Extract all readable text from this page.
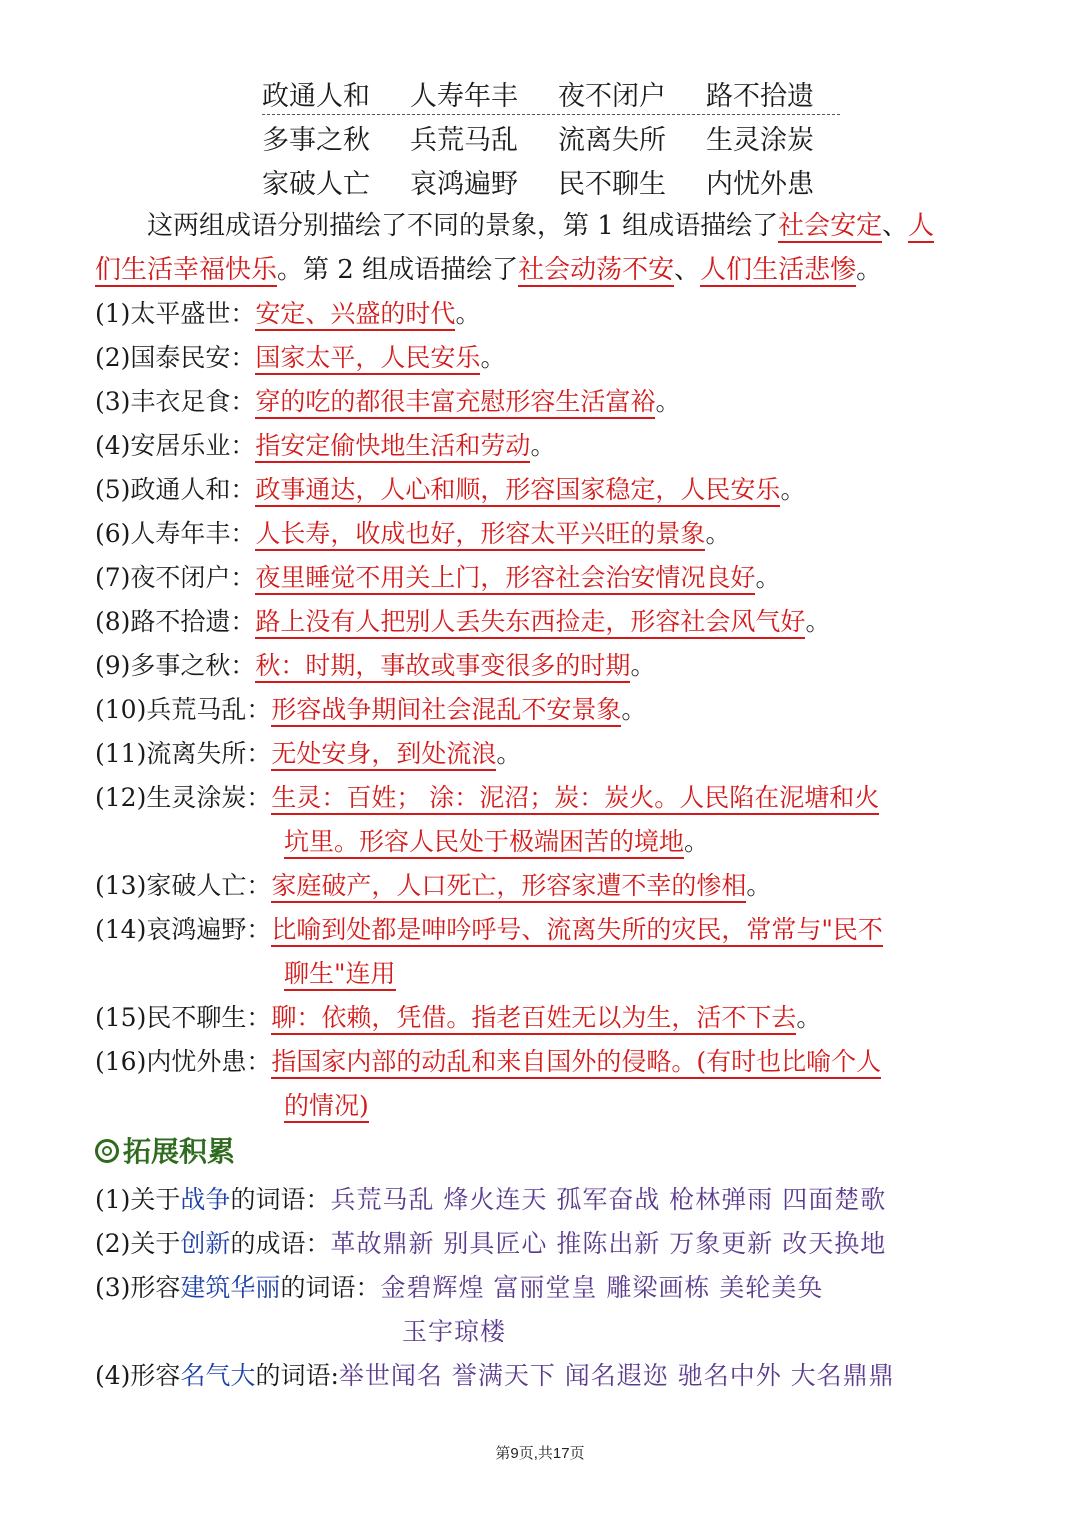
政通人和 人寿年丰 夜不闭户 路不拾遗
多事之秋 兵荒马乱 流离失所 生灵涂炭
家破人亡 哀鸿遍野 民不聊生 内忧外患
这两组成语分别描绘了不同的景象，第 1 组成语描绘了社会安定、人
们生活幸福快乐。第 2 组成语描绘了社会动荡不安、人们生活悲惨。
(1)太平盛世：安定、兴盛的时代。
(2)国泰民安：国家太平，人民安乐。
(3)丰衣足食：穿的吃的都很丰富充慰形容生活富裕。
(4)安居乐业：指安定偷快地生活和劳动。
(5)政通人和：政事通达，人心和顺，形容国家稳定，人民安乐。
(6)人寿年丰：人长寿，收成也好，形容太平兴旺的景象。
(7)夜不闭户：夜里睡觉不用关上门，形容社会治安情况良好。
(8)路不拾遗：路上没有人把别人丢失东西捡走，形容社会风气好。
(9)多事之秋：秋：时期，事故或事变很多的时期。
(10)兵荒马乱：形容战争期间社会混乱不安景象。
(11)流离失所：无处安身，到处流浪。
(12)生灵涂炭：生灵：百姓； 涂：泥沼；炭：炭火。人民陷在泥塘和火
坑里。形容人民处于极端困苦的境地。
(13)家破人亡：家庭破产，人口死亡，形容家遭不幸的惨相。
(14)哀鸿遍野：比喻到处都是呻吟呼号、流离失所的灾民，常常与"民不
聊生"连用
(15)民不聊生：聊：依赖，凭借。指老百姓无以为生，活不下去。
(16)内忧外患：指国家内部的动乱和来自国外的侵略。(有时也比喻个人
的情况)
拓展积累
(1)关于战争的词语：兵荒马乱 烽火连天 孤军奋战 枪林弹雨 四面楚歌
(2)关于创新的成语：革故鼎新 别具匠心 推陈出新 万象更新 改天换地
(3)形容建筑华丽的词语：金碧辉煌 富丽堂皇 雕梁画栋 美轮美奂
玉宇琼楼
(4)形容名气大的词语:举世闻名 誉满天下 闻名遐迩 驰名中外 大名鼎鼎
第9页,共17页
